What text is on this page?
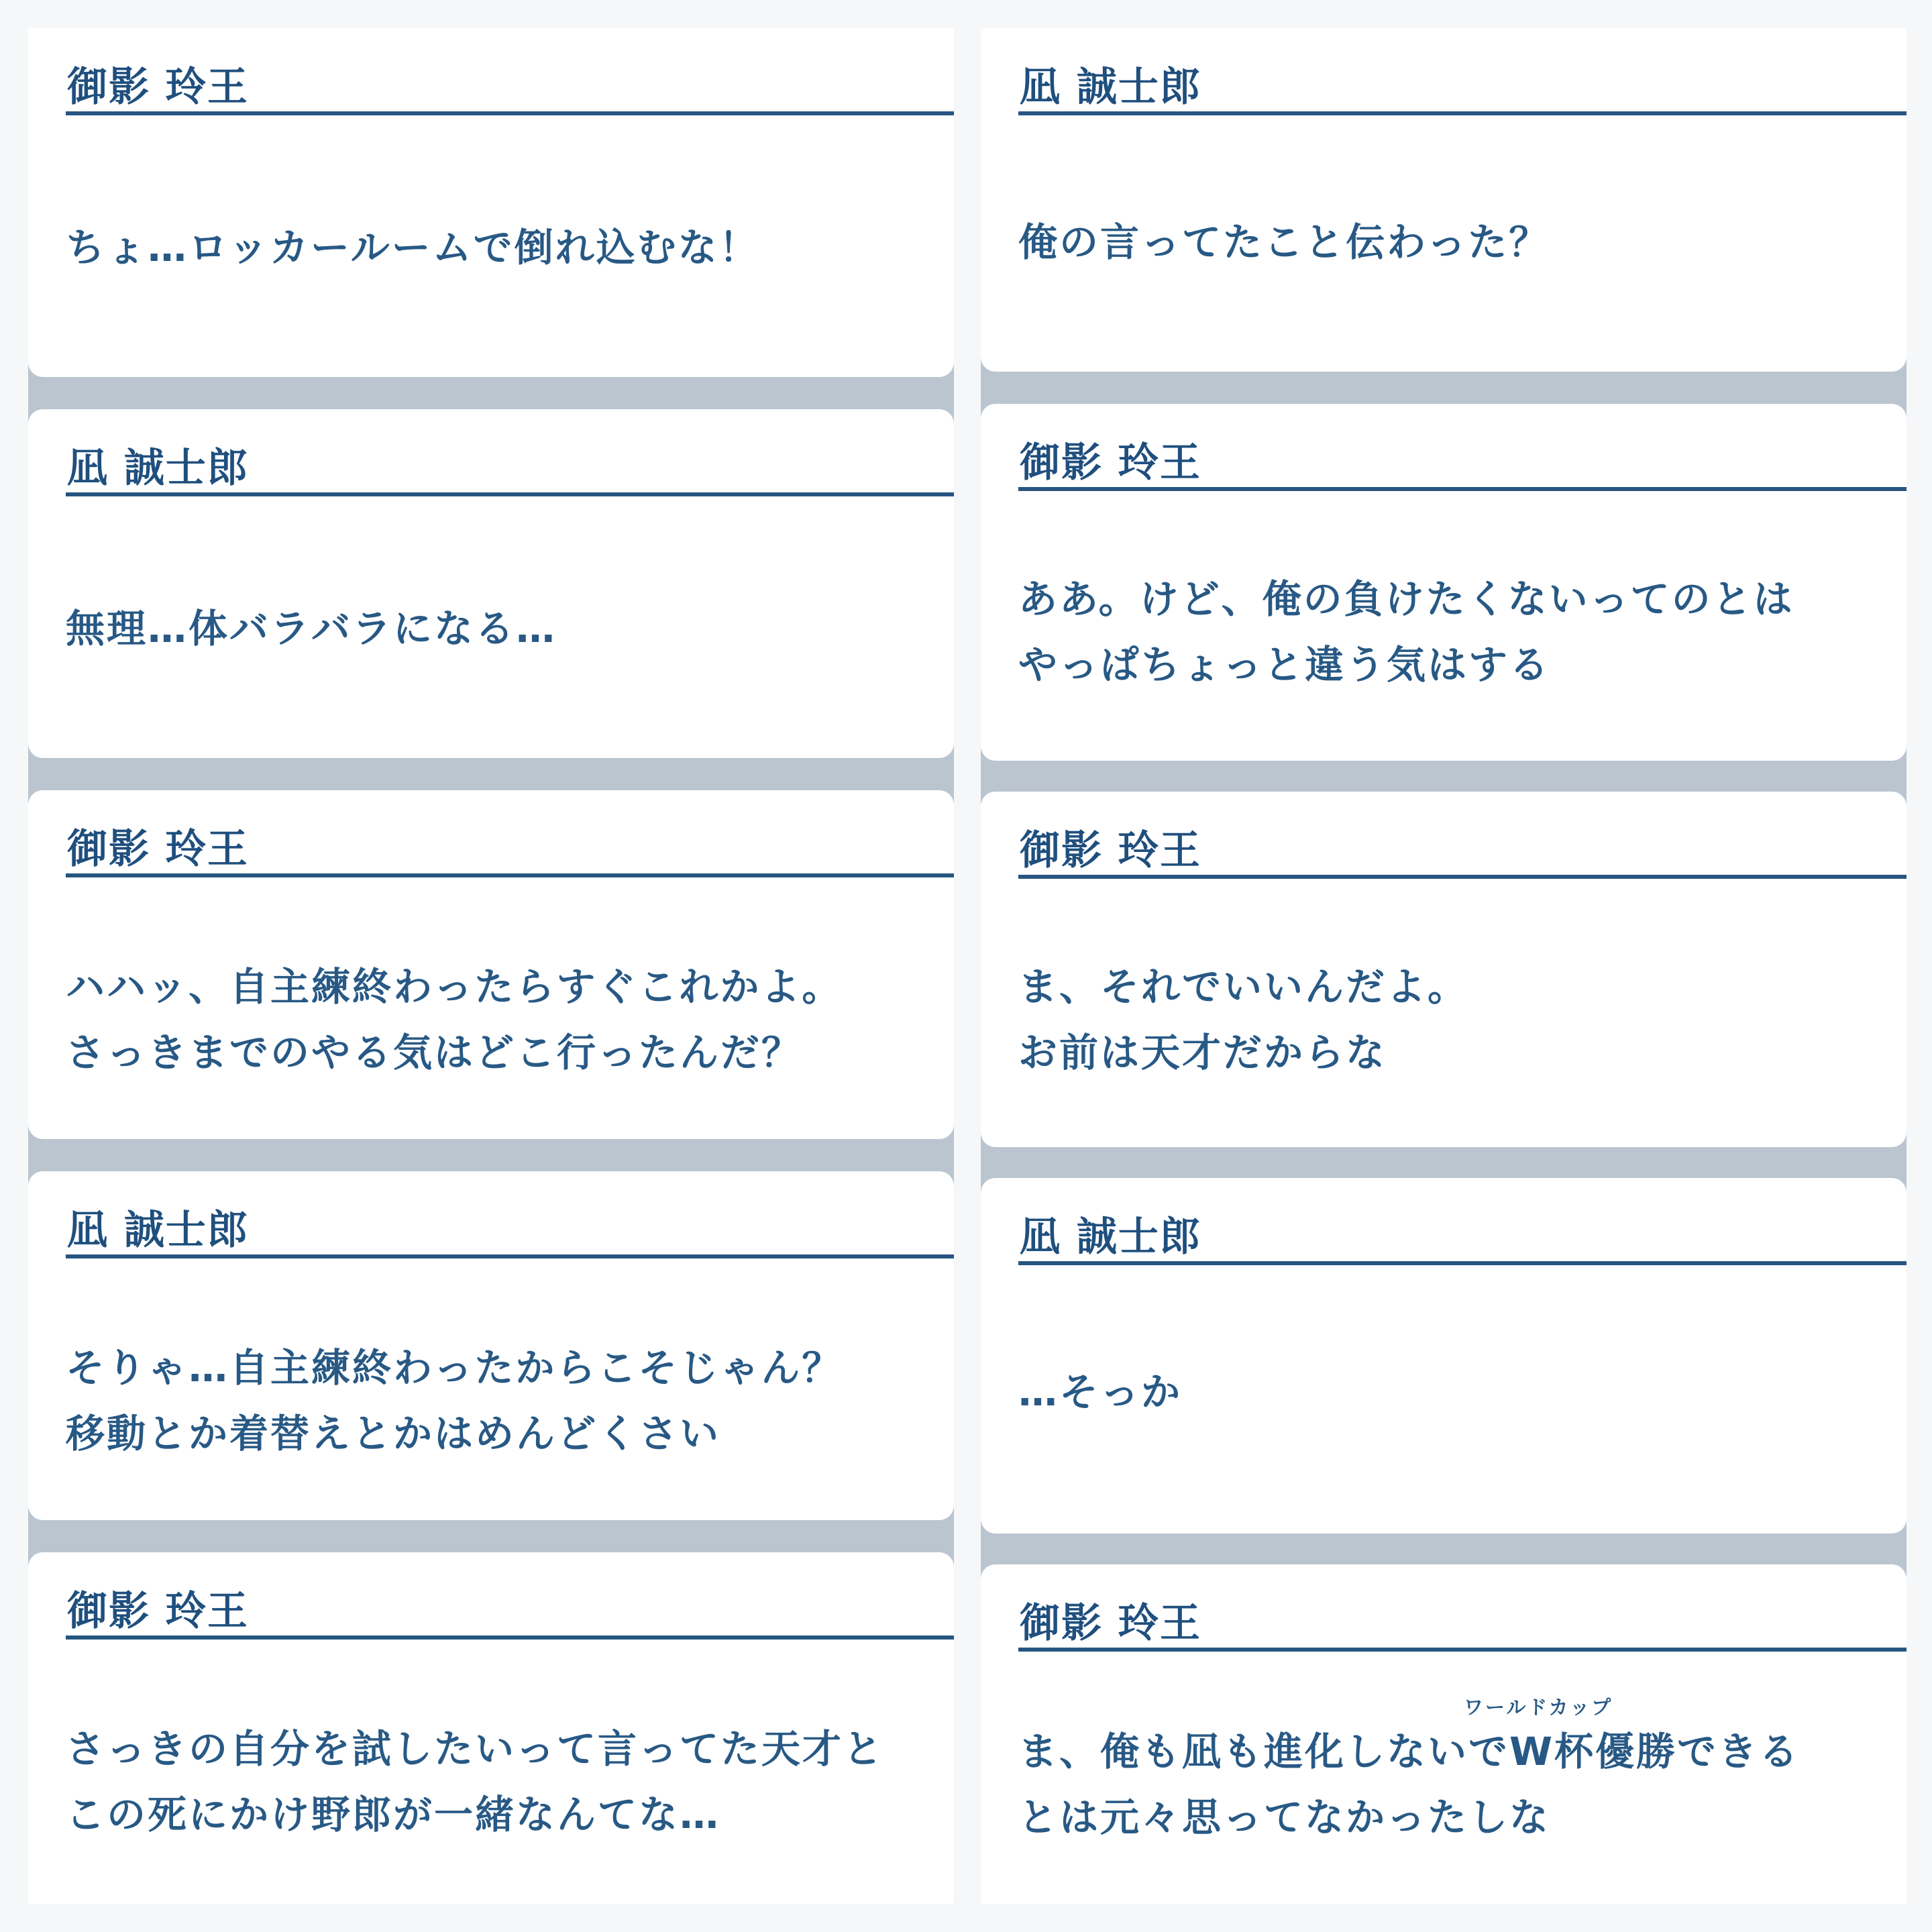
御影 玲王
ちょ…ロッカールームで倒れ込むな！
凪 誠士郎
無理…体バラバラになる…
御影 玲王
ハハッ、自主練終わったらすぐこれかよ。
さっきまでのやる気はどこ行ったんだ？
凪 誠士郎
そりゃ…自主練終わったからこそじゃん？
移動とか着替えとかはめんどくさい
御影 玲王
さっきの自分を試したいって言ってた天才と
この死にかけ野郎が一緒なんてな…
凪 誠士郎
俺の言ってたこと伝わった？
御影 玲王
ああ。けど、俺の負けたくないってのとは
やっぱちょっと違う気はする
御影 玲王
ま、それでいいんだよ。
お前は天才だからな
凪 誠士郎
…そっか
御影 玲王
ワールドカップ
ま、俺も凪も進化しないでW杯優勝できる
とは元々思ってなかったしな
